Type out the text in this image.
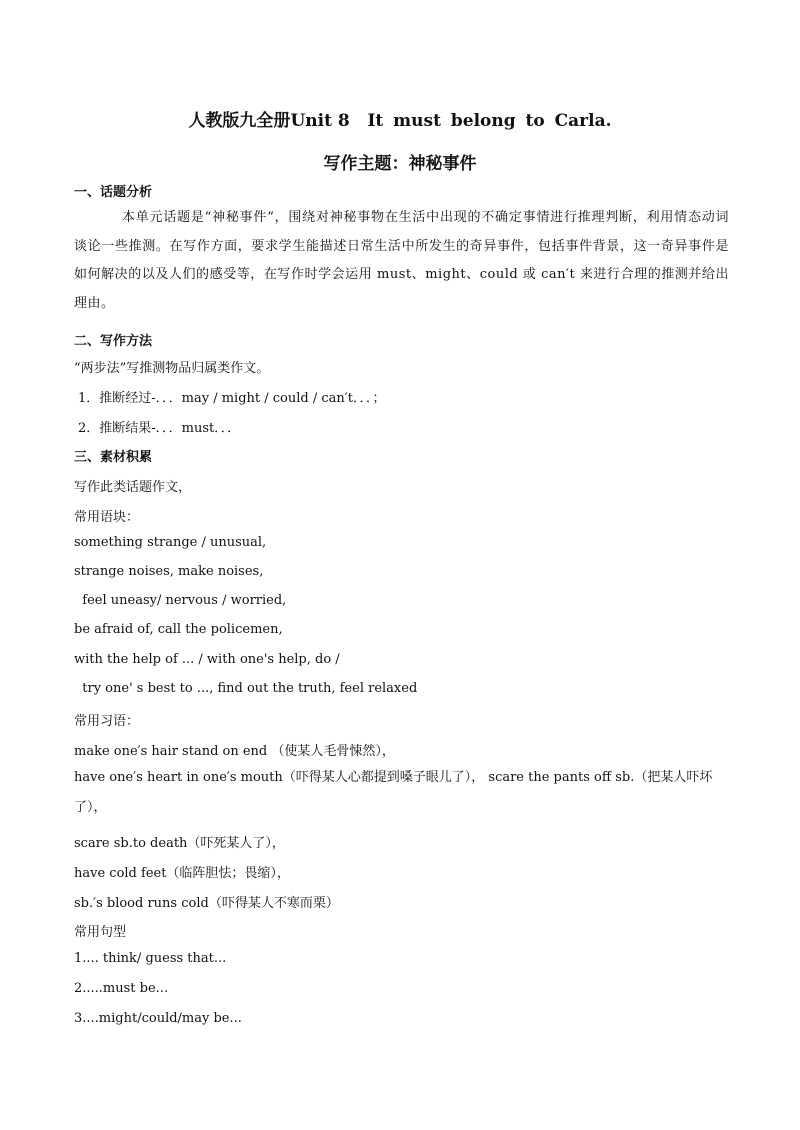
人教版九全册Unit 8 It must belong to Carla.
写作主题：神秘事件
一、话题分析
本单元话题是“神秘事件”，围绕对神秘事物在生活中出现的不确定事情进行推理判断，利用情态动词谈论一些推测。在写作方面，要求学生能描述日常生活中所发生的奇异事件，包括事件背景，这一奇异事件是如何解决的以及人们的感受等，在写作时学会运用 must、might、could 或 can′t 来进行合理的推测并给出理由。
二、写作方法
“两步法”写推测物品归属类作文。
1．推断经过-．．．may / might / could / can′t．．．；
2．推断结果-．．．must．．．
三、素材积累
写作此类话题作文，
常用语块：
something strange / unusual,
strange noises, make noises,
feel uneasy/ nervous / worried,
be afraid of, call the policemen,
with the help of ... / with one's help, do /
try one' s best to ..., find out the truth, feel relaxed
常用习语：
make one′s hair stand on end （使某人毛骨悚然），
have one′s heart in one′s mouth（吓得某人心都提到嗓子眼儿了）， scare the pants off sb.（把某人吓坏了），
scare sb.to death（吓死某人了），
have cold feet（临阵胆怯；畏缩），
sb.′s blood runs cold（吓得某人不寒而栗）
常用句型
1.... think/ guess that...
2.....must be...
3....might/could/may be...
